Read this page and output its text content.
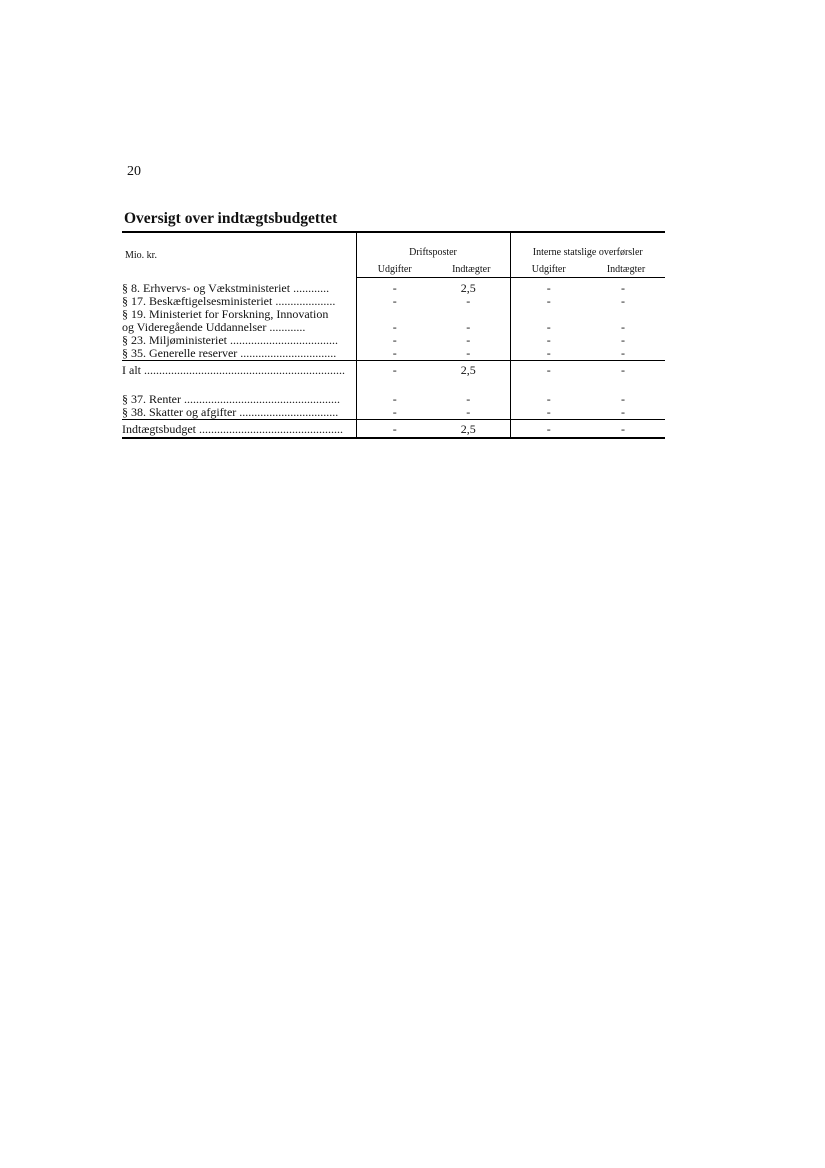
20
Oversigt over indtægtsbudgettet
Mio. kr.	Driftsposter		Interne statslige overførsler	
	Udgifter	Indtægter	Udgifter	Indtægter
§ 8. Erhvervs- og Vækstministeriet ............	-	2,5	-	-
§ 17. Beskæftigelsesministeriet ....................	-	-	-	-
§ 19. Ministeriet for Forskning, Innovation				
og Videregående Uddannelser ............	-	-	-	-
§ 23. Miljøministeriet ....................................	-	-	-	-
§ 35. Generelle reserver ................................	-	-	-	-
I alt ...................................................................	-	2,5	-	-

§ 37. Renter ....................................................	-	-	-	-
§ 38. Skatter og afgifter .................................	-	-	-	-
Indtægtsbudget ................................................	-	2,5	-	-
